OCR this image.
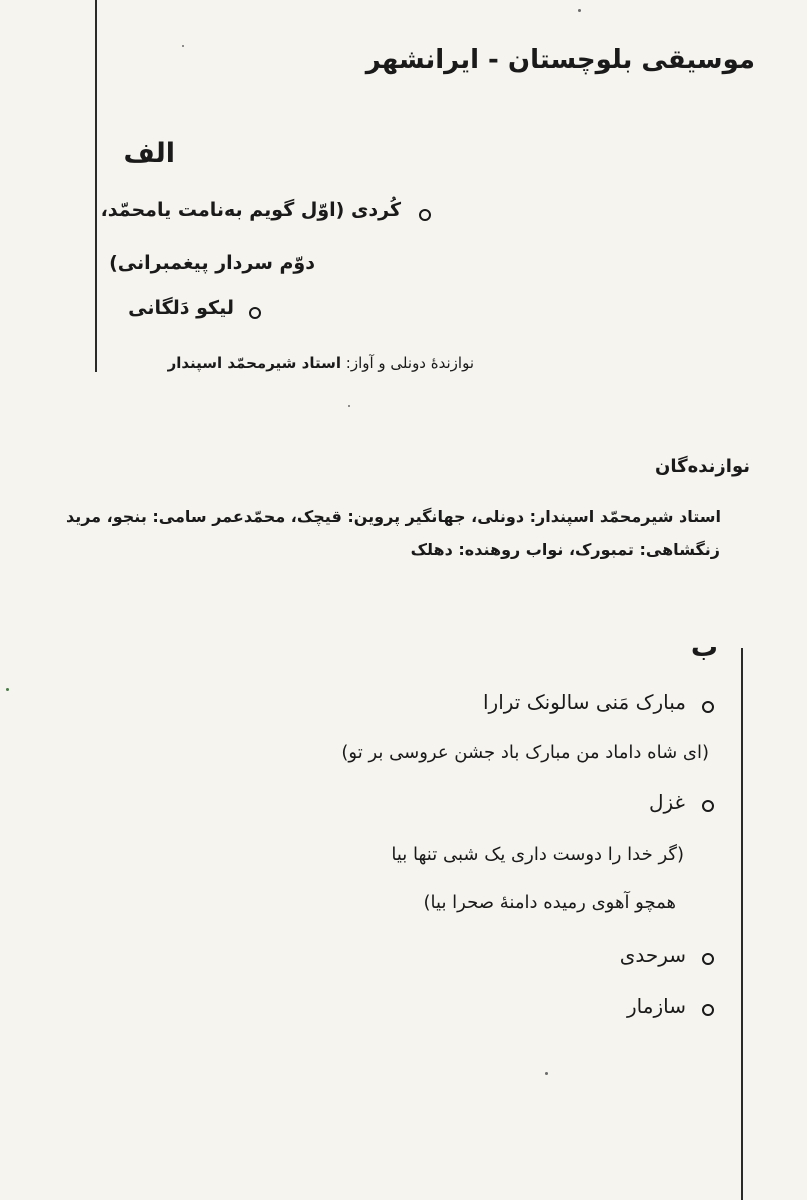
موسیقی بلوچستان - ایرانشهر
الف
کُردی (اوّل گویم به‌نامت یامحمّد،
دوّم سردار پیغمبرانی)
لیکو دَلگانی
نوازندهٔ دونلی و آواز: استاد شیرمحمّد اسپندار
نوازنده‌گان
استاد شیرمحمّد اسپندار: دونلی، جهانگیر پروین: قیچک، محمّدعمر سامی: بنجو، مرید
زنگشاهی: تمبورک، نواب روهنده: دهلک
ب
مبارک مَنی سالونک ترارا
(ای شاه داماد من مبارک باد جشن عروسی بر تو)
غزل
(گر خدا را دوست داری یک شبی تنها بیا
همچو آهوی رمیده دامنهٔ صحرا بیا)
سرحدی
سازمار
